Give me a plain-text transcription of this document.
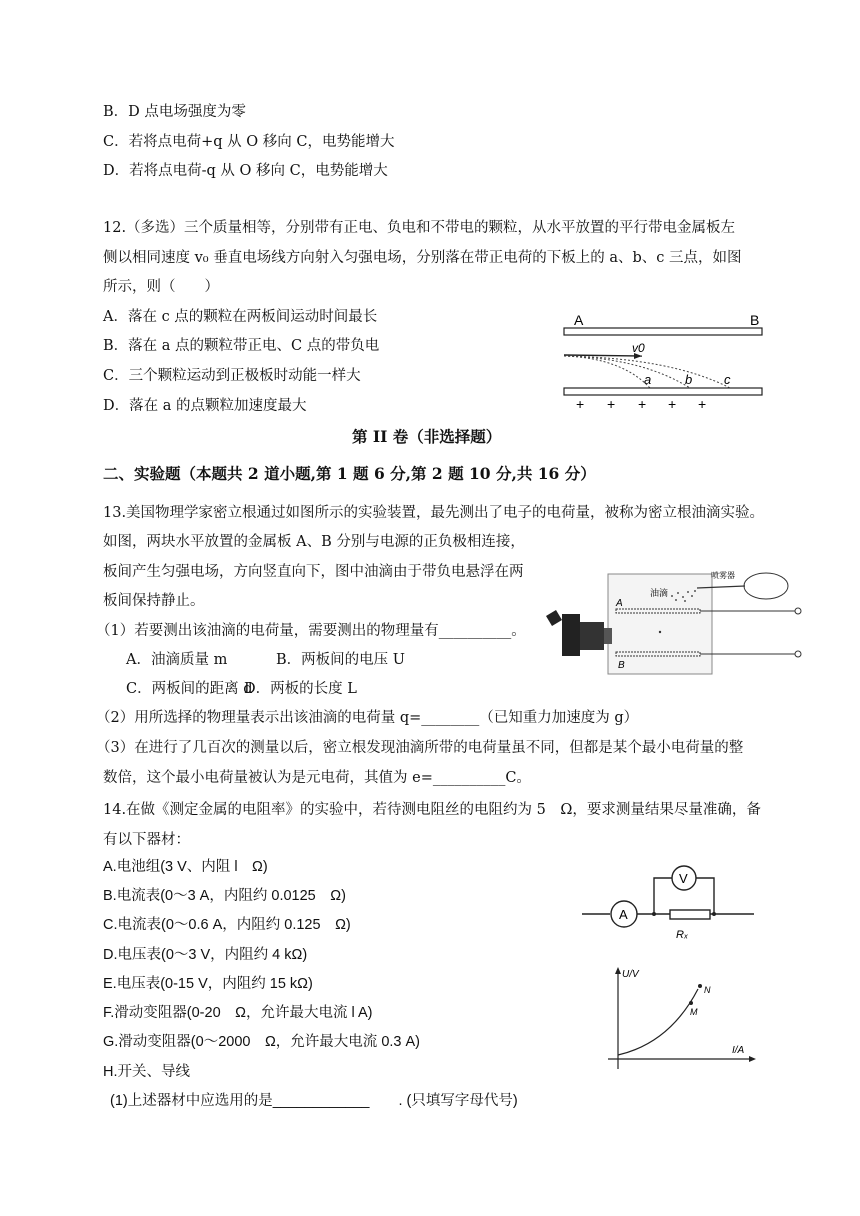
B．D 点电场强度为零
C．若将点电荷+q 从 O 移向 C，电势能增大
D．若将点电荷-q 从 O 移向 C，电势能增大
12.（多选）三个质量相等，分别带有正电、负电和不带电的颗粒，从水平放置的平行带电金属板左
侧以相同速度 v₀ 垂直电场线方向射入匀强电场，分别落在带正电荷的下板上的 a、b、c 三点，如图
所示，则（　　）
A．落在 c 点的颗粒在两板间运动时间最长
B．落在 a 点的颗粒带正电、C 点的带负电
C．三个颗粒运动到正极板时动能一样大
D．落在 a 的点颗粒加速度最大
A	B
v0
a	b c
+ + + + +
第 II 卷（非选择题）
二、实验题（本题共 2 道小题,第 1 题 6 分,第 2 题 10 分,共 16 分）
13.美国物理学家密立根通过如图所示的实验装置，最先测出了电子的电荷量，被称为密立根油滴实验。
如图，两块水平放置的金属板 A、B 分别与电源的正负极相连接，
板间产生匀强电场，方向竖直向下，图中油滴由于带负电悬浮在两
板间保持静止。
（1）若要测出该油滴的电荷量，需要测出的物理量有__________。
A．油滴质量 m	B．两板间的电压 U
C．两板间的距离 d
D．两板的长度 L
（2）用所选择的物理量表示出该油滴的电荷量 q=________（已知重力加速度为 g）
（3）在进行了几百次的测量以后，密立根发现油滴所带的电荷量虽不同，但都是某个最小电荷量的整
数倍，这个最小电荷量被认为是元电荷，其值为 e=__________C。
喷雾器
油滴
A
B
14.在做《测定金属的电阻率》的实验中，若待测电阻丝的电阻约为 5　Ω，要求测量结果尽量准确，备
有以下器材：
A.电池组(3 V、内阻 l　Ω)
B.电流表(0～3 A，内阻约 0.0125　Ω)
C.电流表(0～0.6 A，内阻约 0.125　Ω)
D.电压表(0～3 V，内阻约 4 kΩ)
E.电压表(0-15 V，内阻约 15 kΩ)
F.滑动变阻器(0-20　Ω，允许最大电流 l A)
G.滑动变阻器(0～2000　Ω，允许最大电流 0.3 A)
H.开关、导线
(1)上述器材中应选用的是____________　　. (只填写字母代号)
A
V
Rₓ
U/V
I/A
M
N
